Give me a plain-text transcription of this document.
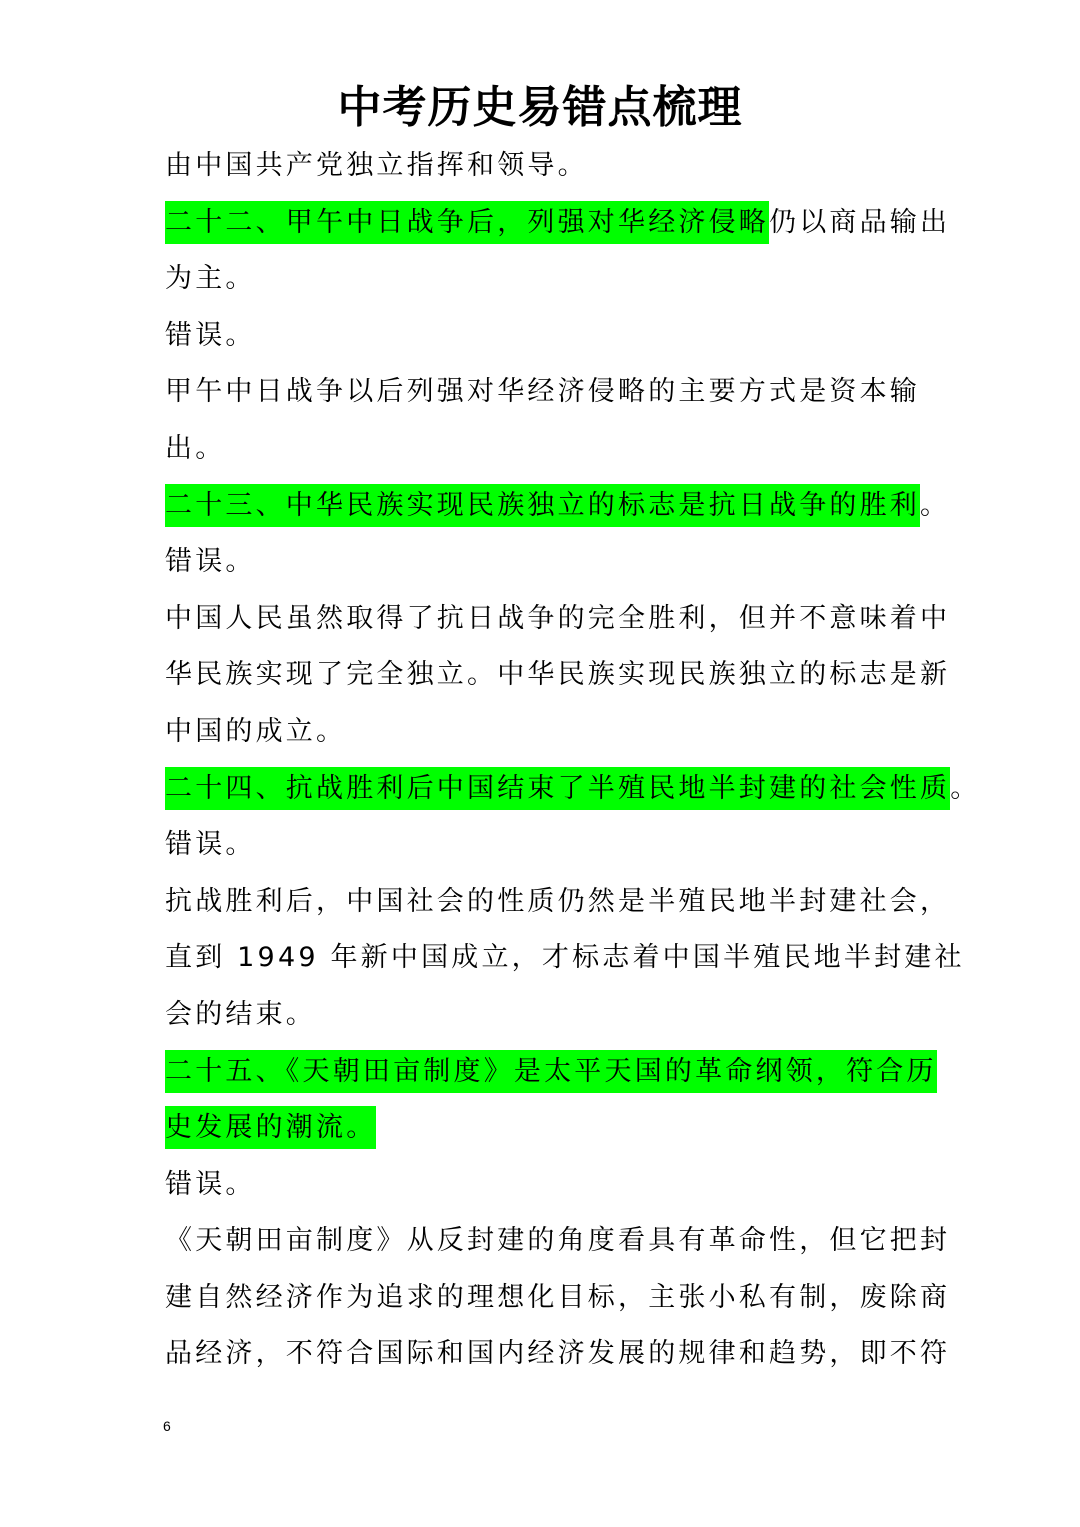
中考历史易错点梳理
由中国共产党独立指挥和领导。
二十二、甲午中日战争后，列强对华经济侵略仍以商品输出
为主。
错误。
甲午中日战争以后列强对华经济侵略的主要方式是资本输
出。
二十三、中华民族实现民族独立的标志是抗日战争的胜利。
错误。
中国人民虽然取得了抗日战争的完全胜利，但并不意味着中
华民族实现了完全独立。中华民族实现民族独立的标志是新
中国的成立。
二十四、抗战胜利后中国结束了半殖民地半封建的社会性质。
错误。
抗战胜利后，中国社会的性质仍然是半殖民地半封建社会，
直到 1949 年新中国成立，才标志着中国半殖民地半封建社
会的结束。
二十五、《天朝田亩制度》是太平天国的革命纲领，符合历
史发展的潮流。
错误。
《天朝田亩制度》从反封建的角度看具有革命性，但它把封
建自然经济作为追求的理想化目标，主张小私有制，废除商
品经济，不符合国际和国内经济发展的规律和趋势，即不符
6
